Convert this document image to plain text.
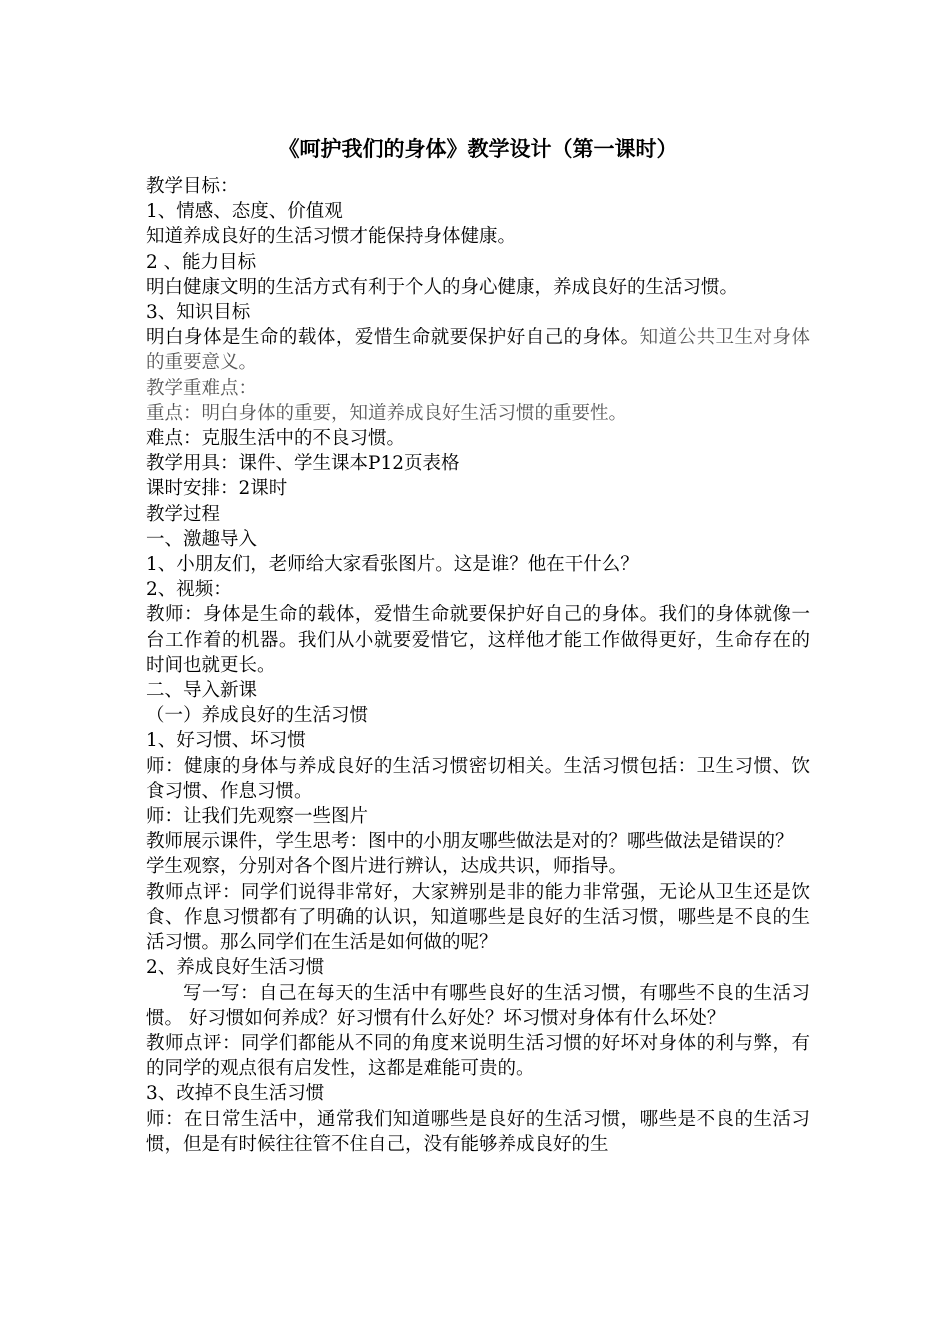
《呵护我们的身体》教学设计（第一课时）

教学目标：

1、情感、态度、价值观

知道养成良好的生活习惯才能保持身体健康。

2 、能力目标

明白健康文明的生活方式有利于个人的身心健康，养成良好的生活习惯。

3、知识目标

明白身体是生命的载体，爱惜生命就要保护好自己的身体。知道公共卫生对身体的重要意义。

教学重难点：

重点：明白身体的重要，知道养成良好生活习惯的重要性。

难点：克服生活中的不良习惯。

教学用具：课件、学生课本P12页表格

课时安排：2课时

教学过程

一、激趣导入

1、小朋友们，老师给大家看张图片。这是谁？他在干什么？

2、视频：

教师：身体是生命的载体，爱惜生命就要保护好自己的身体。我们的身体就像一台工作着的机器。我们从小就要爱惜它，这样他才能工作做得更好，生命存在的时间也就更长。

二、导入新课

（一）养成良好的生活习惯

1、好习惯、坏习惯

师：健康的身体与养成良好的生活习惯密切相关。生活习惯包括：卫生习惯、饮食习惯、作息习惯。

师：让我们先观察一些图片

教师展示课件，学生思考：图中的小朋友哪些做法是对的？哪些做法是错误的？

学生观察，分别对各个图片进行辨认，达成共识，师指导。

教师点评：同学们说得非常好，大家辨别是非的能力非常强，无论从卫生还是饮食、作息习惯都有了明确的认识，知道哪些是良好的生活习惯，哪些是不良的生活习惯。那么同学们在生活是如何做的呢？

2、养成良好生活习惯

写一写：自己在每天的生活中有哪些良好的生活习惯，有哪些不良的生活习惯。 好习惯如何养成？好习惯有什么好处？坏习惯对身体有什么坏处？

教师点评：同学们都能从不同的角度来说明生活习惯的好坏对身体的利与弊，有的同学的观点很有启发性，这都是难能可贵的。

3、改掉不良生活习惯

师：在日常生活中，通常我们知道哪些是良好的生活习惯，哪些是不良的生活习惯，但是有时候往往管不住自己，没有能够养成良好的生
